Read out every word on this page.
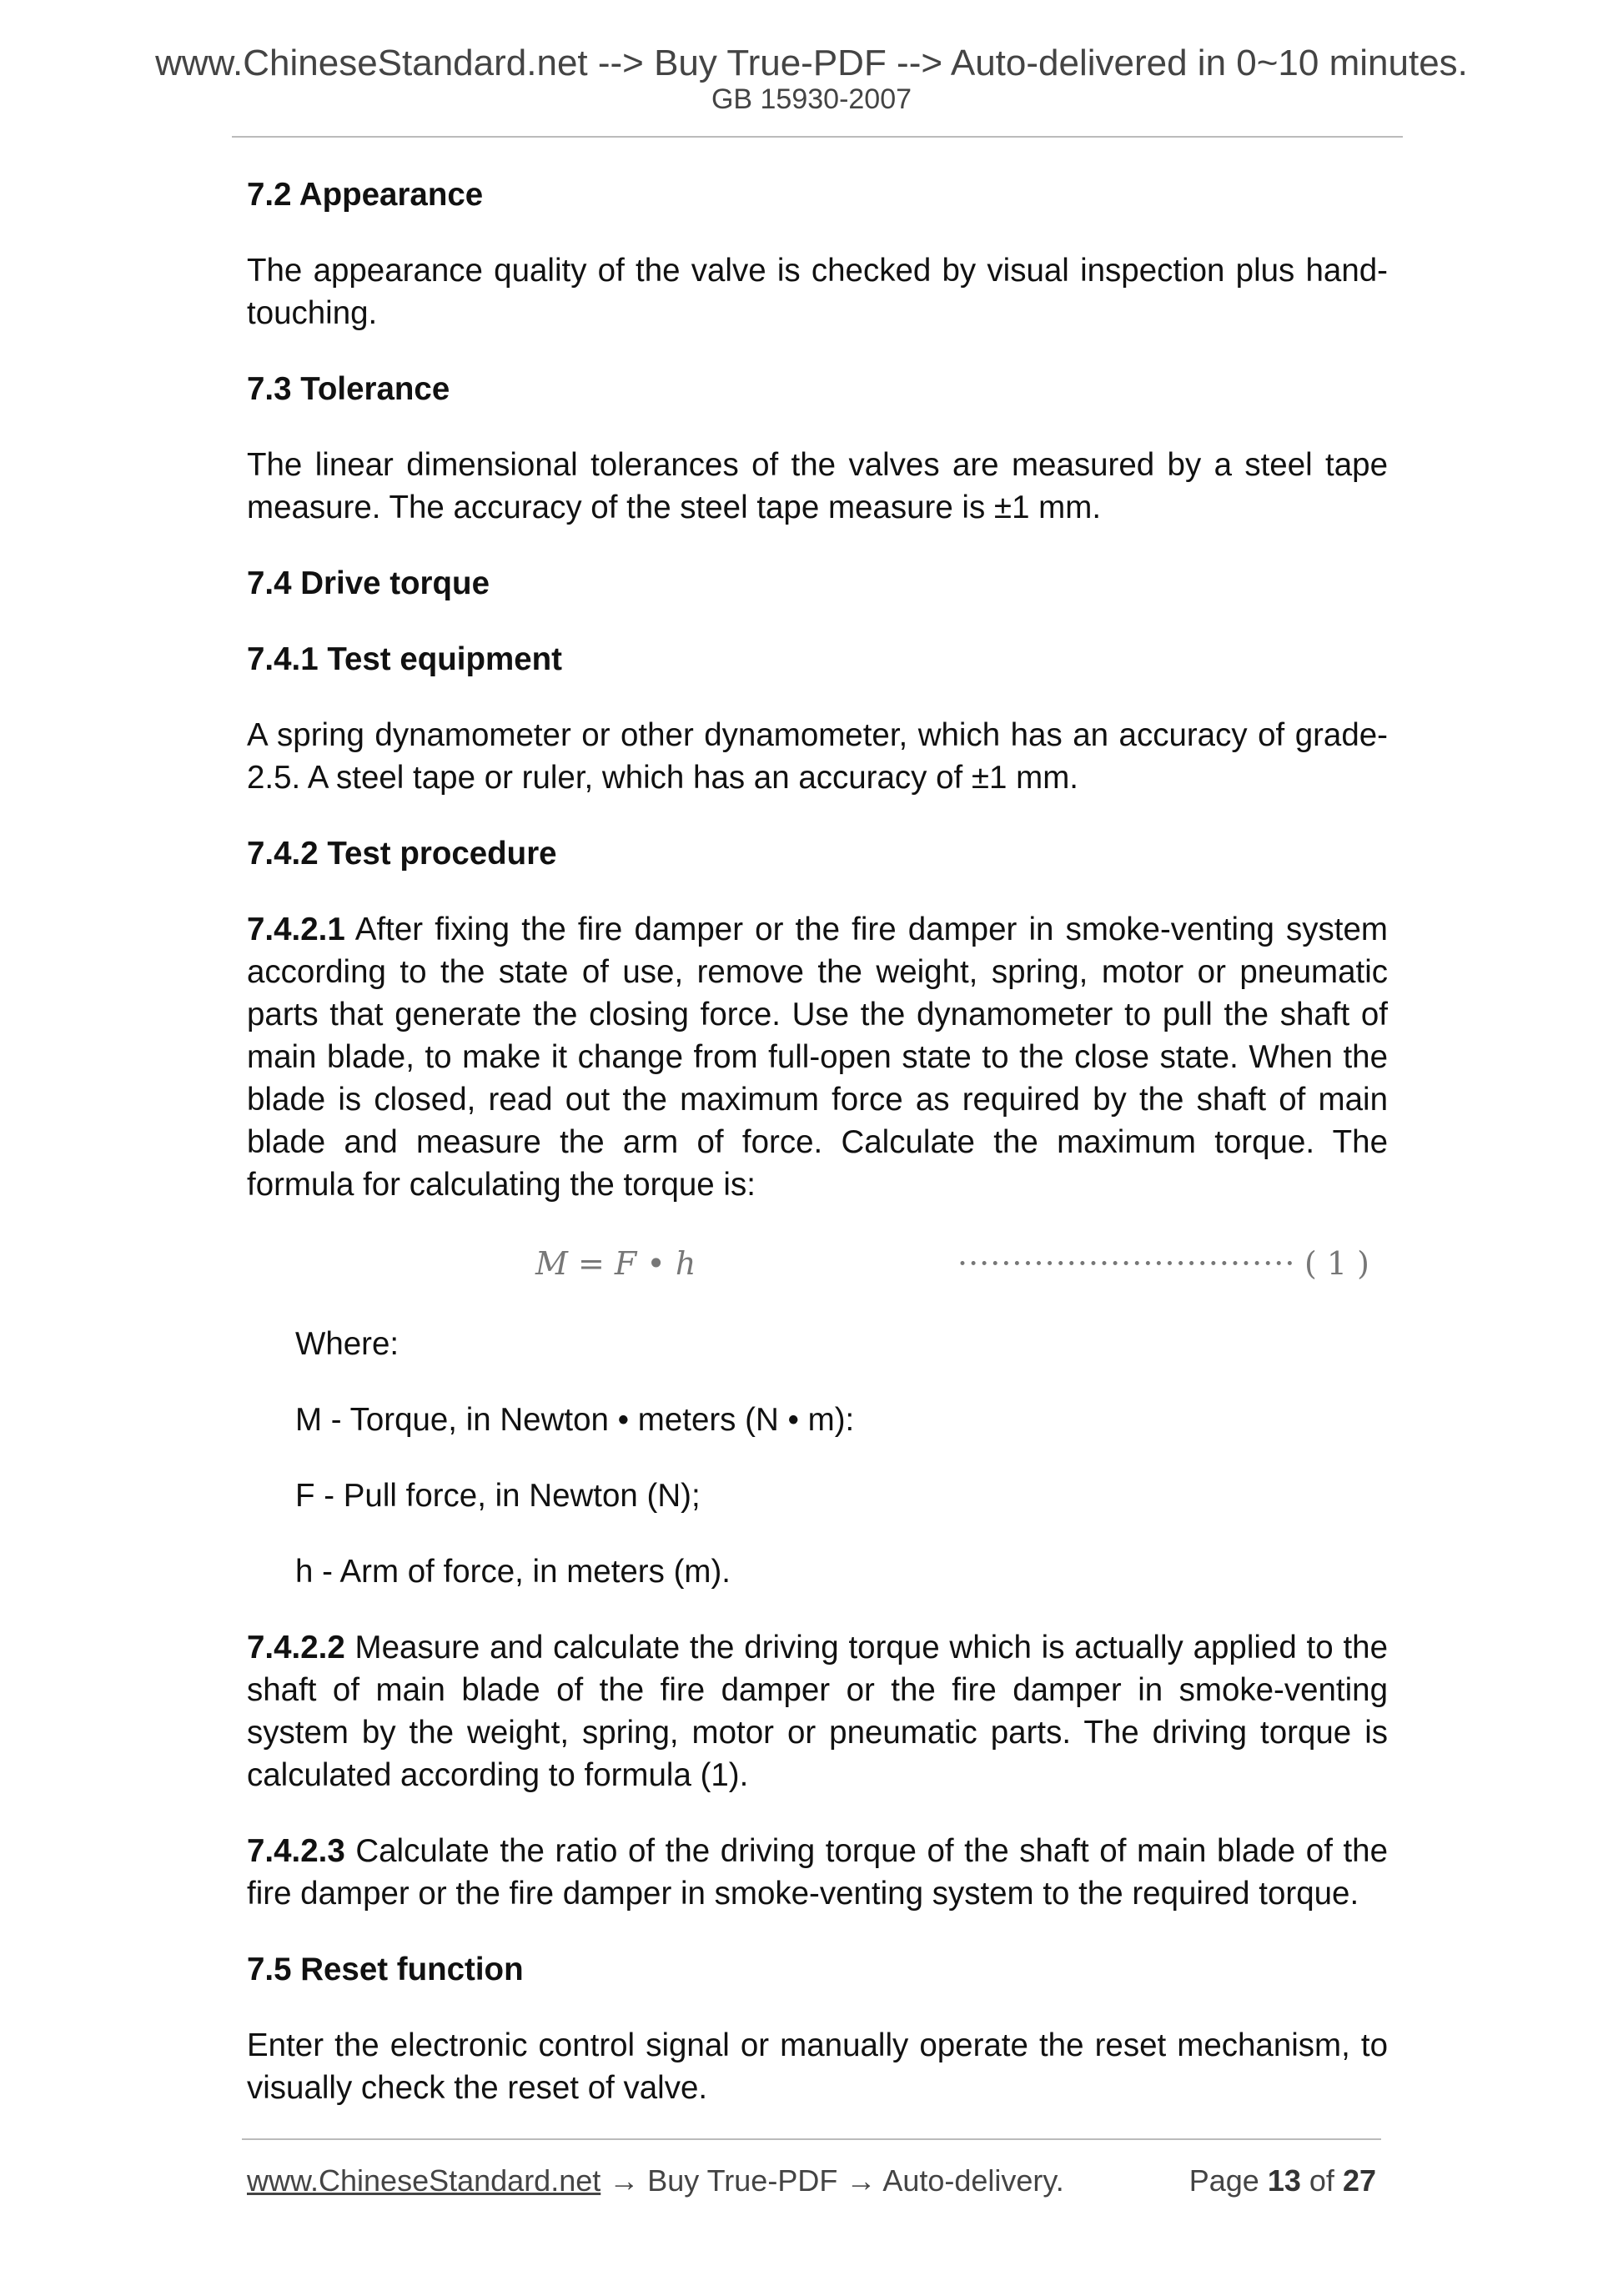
www.ChineseStandard.net --> Buy True-PDF --> Auto-delivered in 0~10 minutes.
GB 15930-2007
7.2 Appearance

The appearance quality of the valve is checked by visual inspection plus hand-touching.

7.3 Tolerance

The linear dimensional tolerances of the valves are measured by a steel tape measure. The accuracy of the steel tape measure is ±1 mm.

7.4 Drive torque
7.4.1 Test equipment

A spring dynamometer or other dynamometer, which has an accuracy of grade-2.5. A steel tape or ruler, which has an accuracy of ±1 mm.

7.4.2 Test procedure

7.4.2.1 After fixing the fire damper or the fire damper in smoke-venting system according to the state of use, remove the weight, spring, motor or pneumatic parts that generate the closing force. Use the dynamometer to pull the shaft of main blade, to make it change from full-open state to the close state. When the blade is closed, read out the maximum force as required by the shaft of main blade and measure the arm of force. Calculate the maximum torque. The formula for calculating the torque is:

M = F • h	······························· ( 1 )

Where:

M - Torque, in Newton • meters (N • m):

F - Pull force, in Newton (N);

h - Arm of force, in meters (m).

7.4.2.2 Measure and calculate the driving torque which is actually applied to the shaft of main blade of the fire damper or the fire damper in smoke-venting system by the weight, spring, motor or pneumatic parts. The driving torque is calculated according to formula (1).

7.4.2.3 Calculate the ratio of the driving torque of the shaft of main blade of the fire damper or the fire damper in smoke-venting system to the required torque.

7.5 Reset function

Enter the electronic control signal or manually operate the reset mechanism, to visually check the reset of valve.

www.ChineseStandard.net → Buy True-PDF → Auto-delivery.	Page 13 of 27
